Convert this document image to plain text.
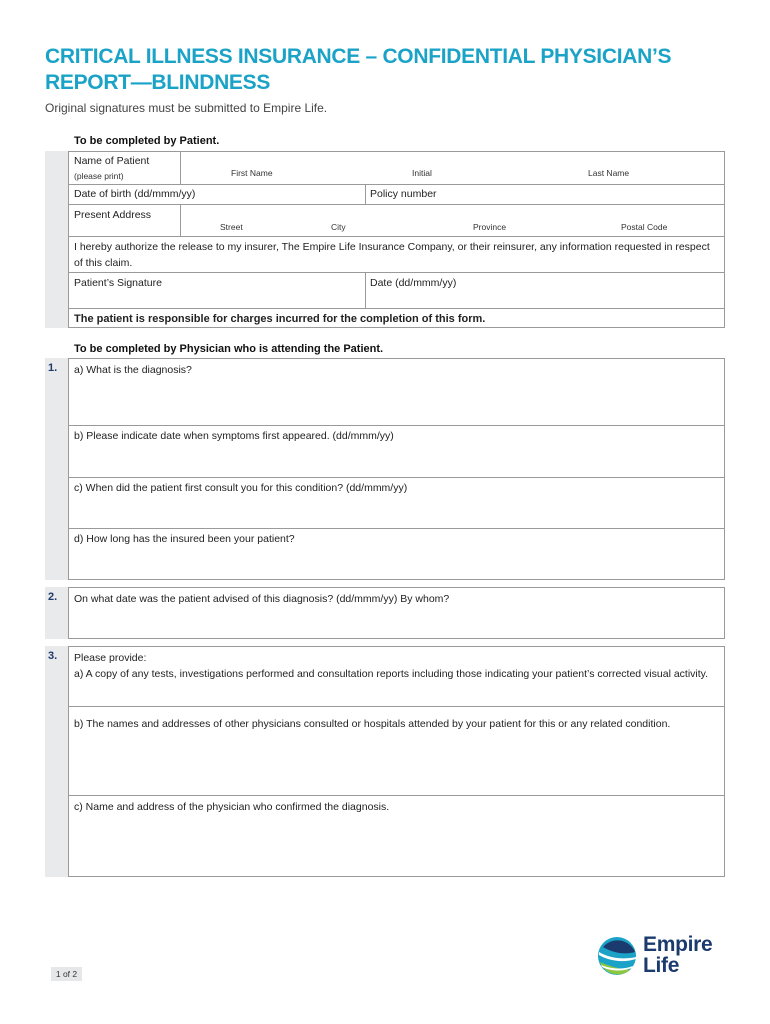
CRITICAL ILLNESS INSURANCE – CONFIDENTIAL PHYSICIAN’S
REPORT—BLINDNESS
Original signatures must be submitted to Empire Life.
To be completed by Patient.
Name of Patient
(please print)	First Name	Initial	Last Name
Date of birth (dd/mmm/yy)	Policy number
Present Address
Street	City	Province	Postal Code
I hereby authorize the release to my insurer, The Empire Life Insurance Company, or their reinsurer, any information requested in respect of this claim.
Patient’s Signature	Date (dd/mmm/yy)
The patient is responsible for charges incurred for the completion of this form.
To be completed by Physician who is attending the Patient.
1. a) What is the diagnosis?
b) Please indicate date when symptoms first appeared. (dd/mmm/yy)
c) When did the patient first consult you for this condition? (dd/mmm/yy)
d) How long has the insured been your patient?
2. On what date was the patient advised of this diagnosis? (dd/mmm/yy) By whom?
3. Please provide:
a) A copy of any tests, investigations performed and consultation reports including those indicating your patient’s corrected visual activity.
b) The names and addresses of other physicians consulted or hospitals attended by your patient for this or any related condition.
c) Name and address of the physician who confirmed the diagnosis.
1 of 2
Empire
Life
